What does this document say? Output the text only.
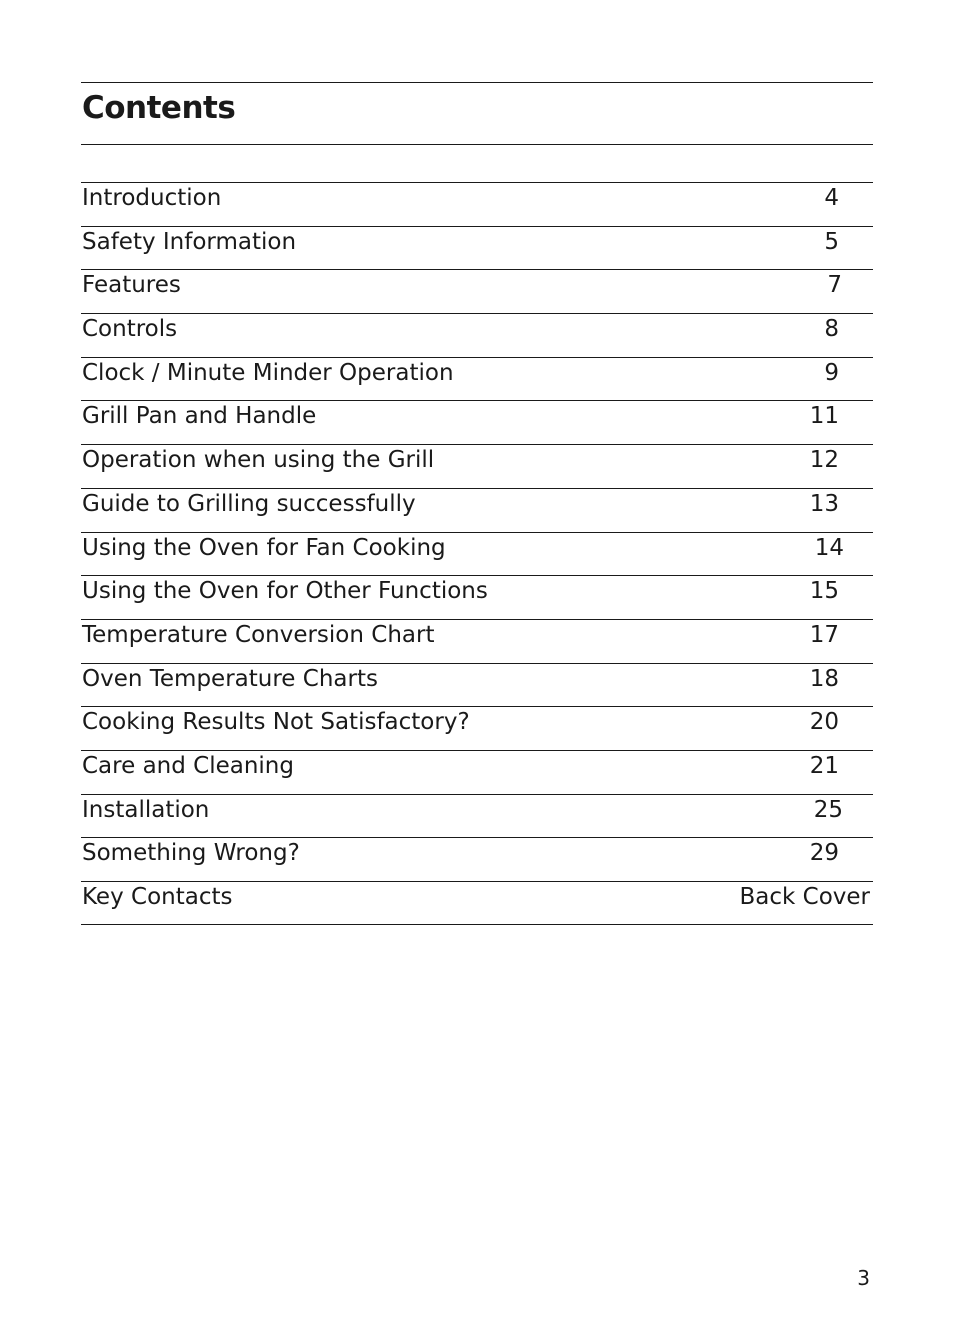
Contents
Introduction	4
Safety Information	5
Features	7
Controls	8
Clock / Minute Minder Operation	9
Grill Pan and Handle	11
Operation when using the Grill	12
Guide to Grilling successfully	13
Using the Oven for Fan Cooking	14
Using the Oven for Other Functions	15
Temperature Conversion Chart	17
Oven Temperature Charts	18
Cooking Results Not Satisfactory?	20
Care and Cleaning	21
Installation	25
Something Wrong?	29
Key Contacts	Back Cover
3
